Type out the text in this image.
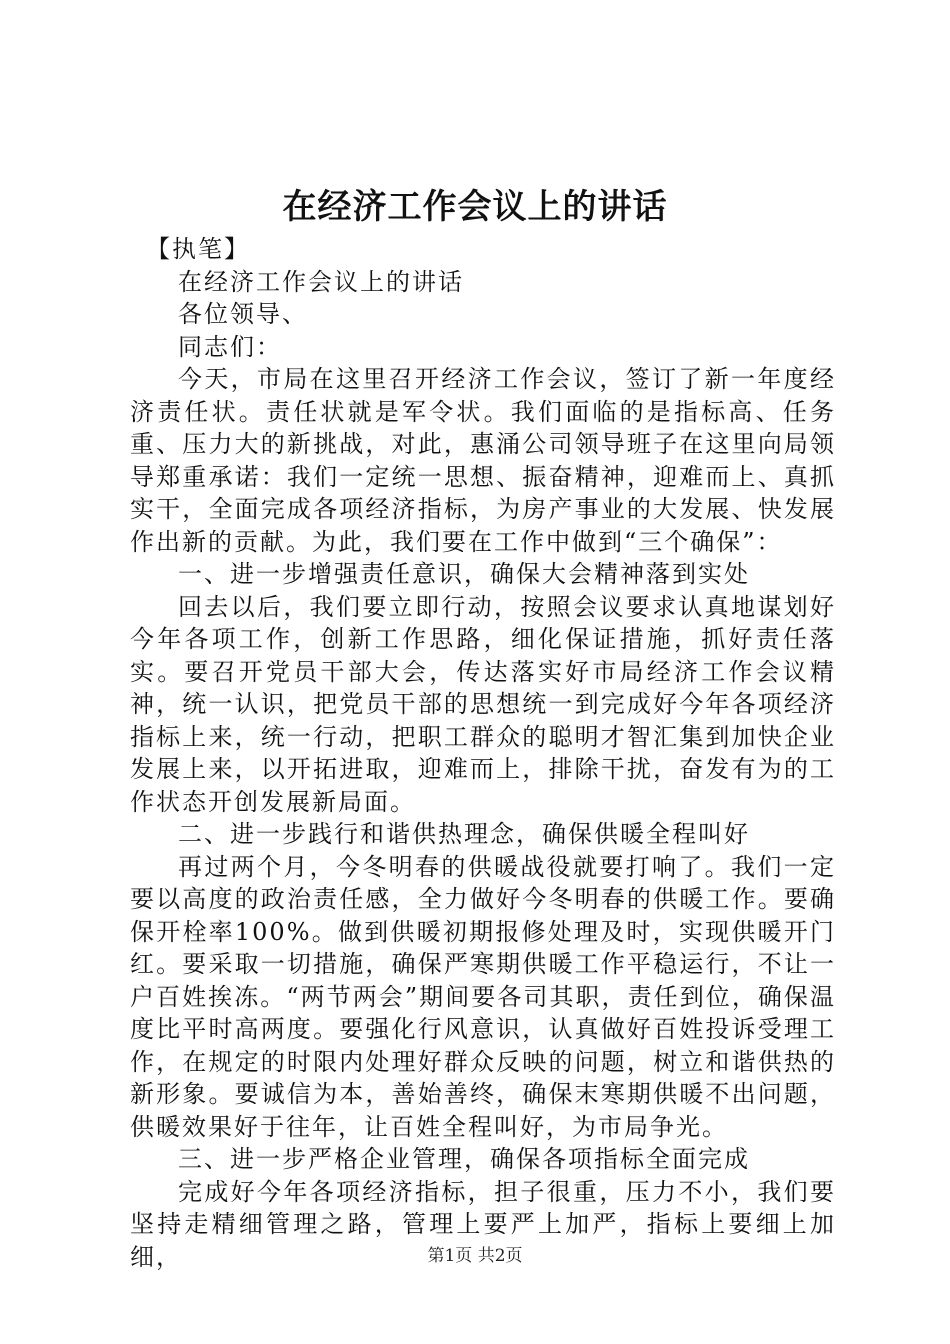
在经济工作会议上的讲话

【执笔】

在经济工作会议上的讲话

各位领导、

同志们：

今天，市局在这里召开经济工作会议，签订了新一年度经济责任状。责任状就是军令状。我们面临的是指标高、任务重、压力大的新挑战，对此，惠涌公司领导班子在这里向局领导郑重承诺：我们一定统一思想、振奋精神，迎难而上、真抓实干，全面完成各项经济指标，为房产事业的大发展、快发展作出新的贡献。为此，我们要在工作中做到“三个确保”：

一、进一步增强责任意识，确保大会精神落到实处

回去以后，我们要立即行动，按照会议要求认真地谋划好今年各项工作，创新工作思路，细化保证措施，抓好责任落实。要召开党员干部大会，传达落实好市局经济工作会议精神，统一认识，把党员干部的思想统一到完成好今年各项经济指标上来，统一行动，把职工群众的聪明才智汇集到加快企业发展上来，以开拓进取，迎难而上，排除干扰，奋发有为的工作状态开创发展新局面。

二、进一步践行和谐供热理念，确保供暖全程叫好

再过两个月，今冬明春的供暖战役就要打响了。我们一定要以高度的政治责任感，全力做好今冬明春的供暖工作。要确保开栓率100%。做到供暖初期报修处理及时，实现供暖开门红。要采取一切措施，确保严寒期供暖工作平稳运行，不让一户百姓挨冻。“两节两会”期间要各司其职，责任到位，确保温度比平时高两度。要强化行风意识，认真做好百姓投诉受理工作，在规定的时限内处理好群众反映的问题，树立和谐供热的新形象。要诚信为本，善始善终，确保末寒期供暖不出问题，供暖效果好于往年，让百姓全程叫好，为市局争光。

三、进一步严格企业管理，确保各项指标全面完成

完成好今年各项经济指标，担子很重，压力不小，我们要坚持走精细管理之路，管理上要严上加严，指标上要细上加细，	第1页 共2页
